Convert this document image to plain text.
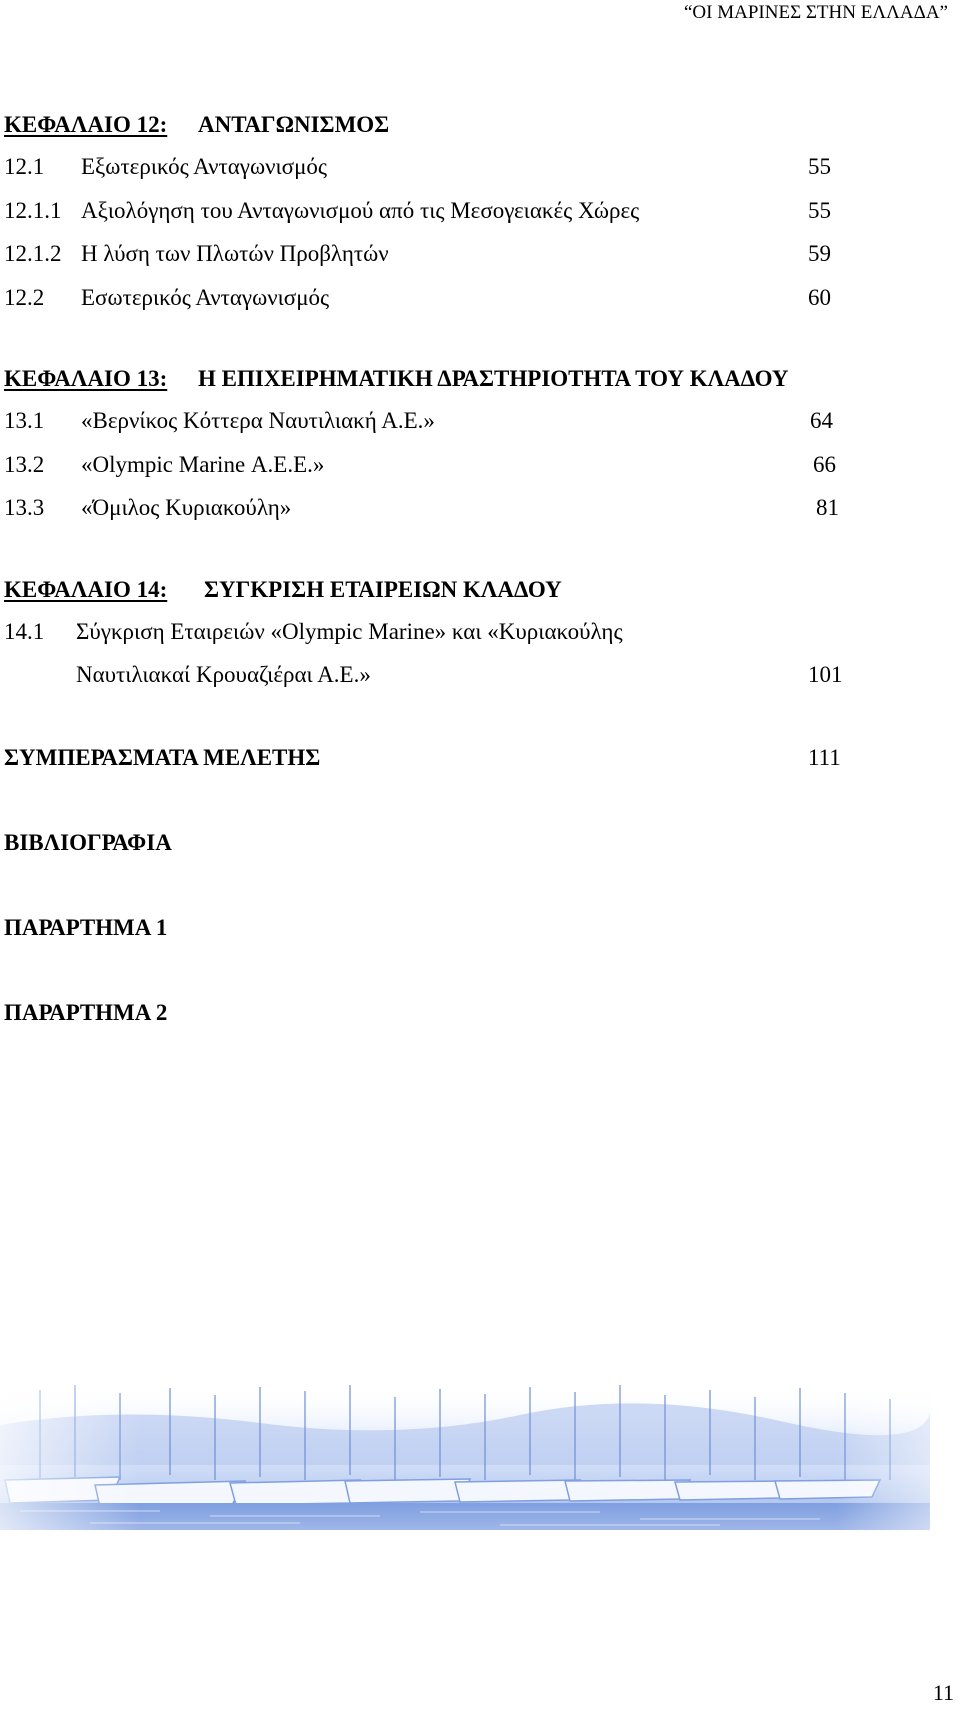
“ΟΙ ΜΑΡΙΝΕΣ ΣΤΗΝ ΕΛΛΑΔΑ”
ΚΕΦΑΛΑΙΟ 12: ΑΝΤΑΓΩΝΙΣΜΟΣ
12.1 Εξωτερικός Ανταγωνισμός	55
12.1.1 Αξιολόγηση του Ανταγωνισμού από τις Μεσογειακές Χώρες	55
12.1.2 Η λύση των Πλωτών Προβλητών	59
12.2 Εσωτερικός Ανταγωνισμός	60
ΚΕΦΑΛΑΙΟ 13: Η ΕΠΙΧΕΙΡΗΜΑΤΙΚΗ ΔΡΑΣΤΗΡΙΟΤΗΤΑ ΤΟΥ ΚΛΑΔΟΥ
13.1 «Βερνίκος Κόττερα Ναυτιλιακή Α.Ε.»	64
13.2 «Olympic Marine Α.Ε.Ε.»	66
13.3 «Όμιλος Κυριακούλη»	81
ΚΕΦΑΛΑΙΟ 14: ΣΥΓΚΡΙΣΗ ΕΤΑΙΡΕΙΩΝ ΚΛΑΔΟΥ
14.1 Σύγκριση Εταιρειών «Olympic Marine» και «Κυριακούλης
Ναυτιλιακαί Κρουαζιέραι Α.Ε.»	101
ΣΥΜΠΕΡΑΣΜΑΤΑ ΜΕΛΕΤΗΣ	111
ΒΙΒΛΙΟΓΡΑΦΙΑ
ΠΑΡΑΡΤΗΜΑ 1
ΠΑΡΑΡΤΗΜΑ 2
11
